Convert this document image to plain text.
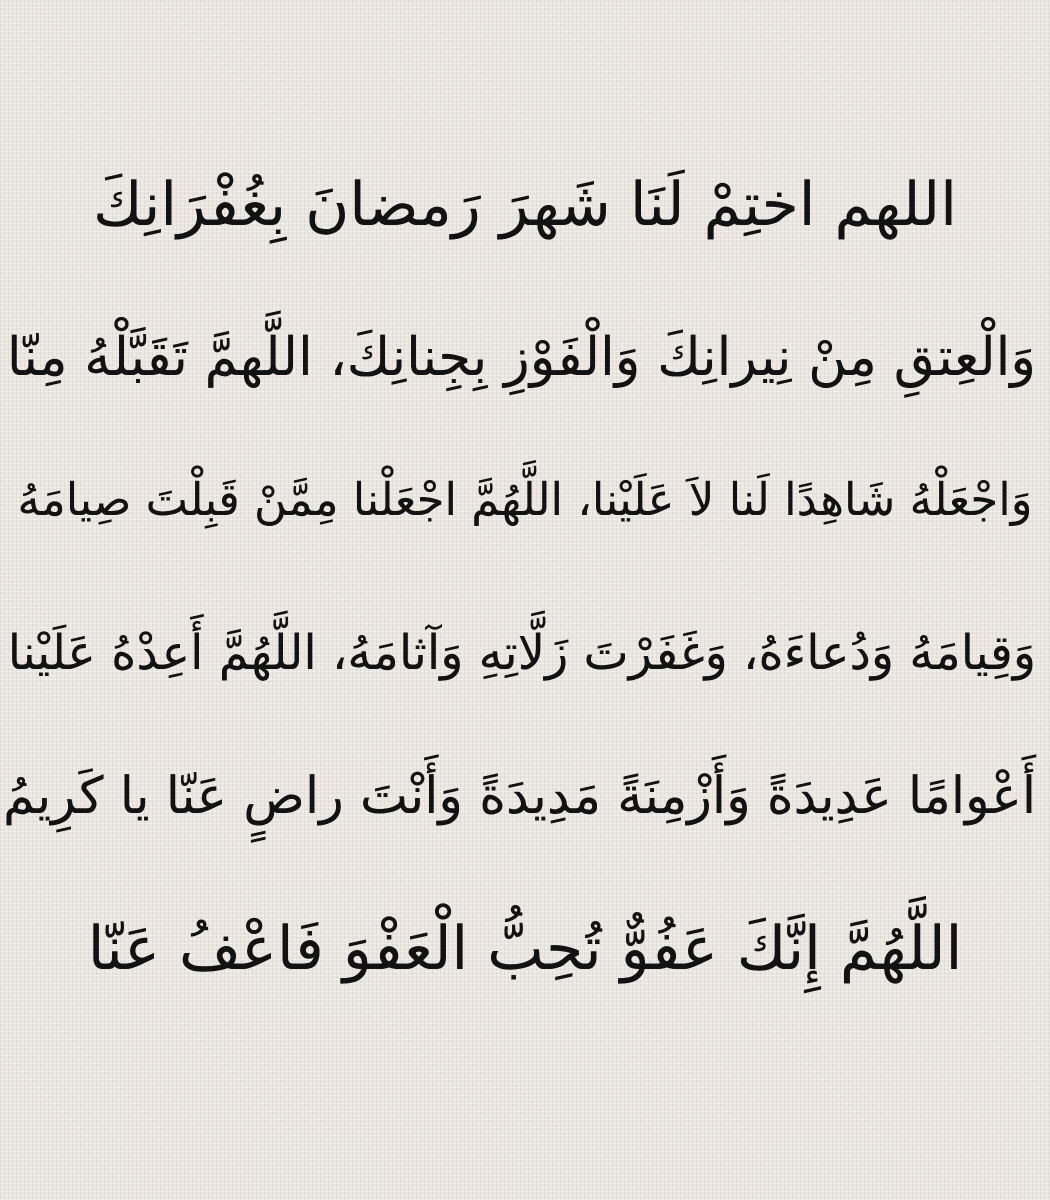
اللهم اختِمْ لَنَا شَهرَ رَمضانَ بِغُفْرَانِكَ
وَالْعِتقِ مِنْ نِيرانِكَ وَالْفَوْزِ بِجِنانِكَ، اللَّهمَّ تَقَبَّلْهُ مِنّا
وَاجْعَلْهُ شَاهِدًا لَنا لاَ عَلَيْنا، اللَّهُمَّ اجْعَلْنا مِمَّنْ قَبِلْتَ صِيامَهُ
وَقِيامَهُ وَدُعاءَهُ، وَغَفَرْتَ زَلَّاتِهِ وَآثامَهُ، اللَّهُمَّ أَعِدْهُ عَلَيْنا
أَعْوامًا عَدِيدَةً وَأَزْمِنَةً مَدِيدَةً وَأَنْتَ راضٍ عَنّا يا كَرِيمُ
اللَّهُمَّ إِنَّكَ عَفُوٌّ تُحِبُّ الْعَفْوَ فَاعْفُ عَنّا
